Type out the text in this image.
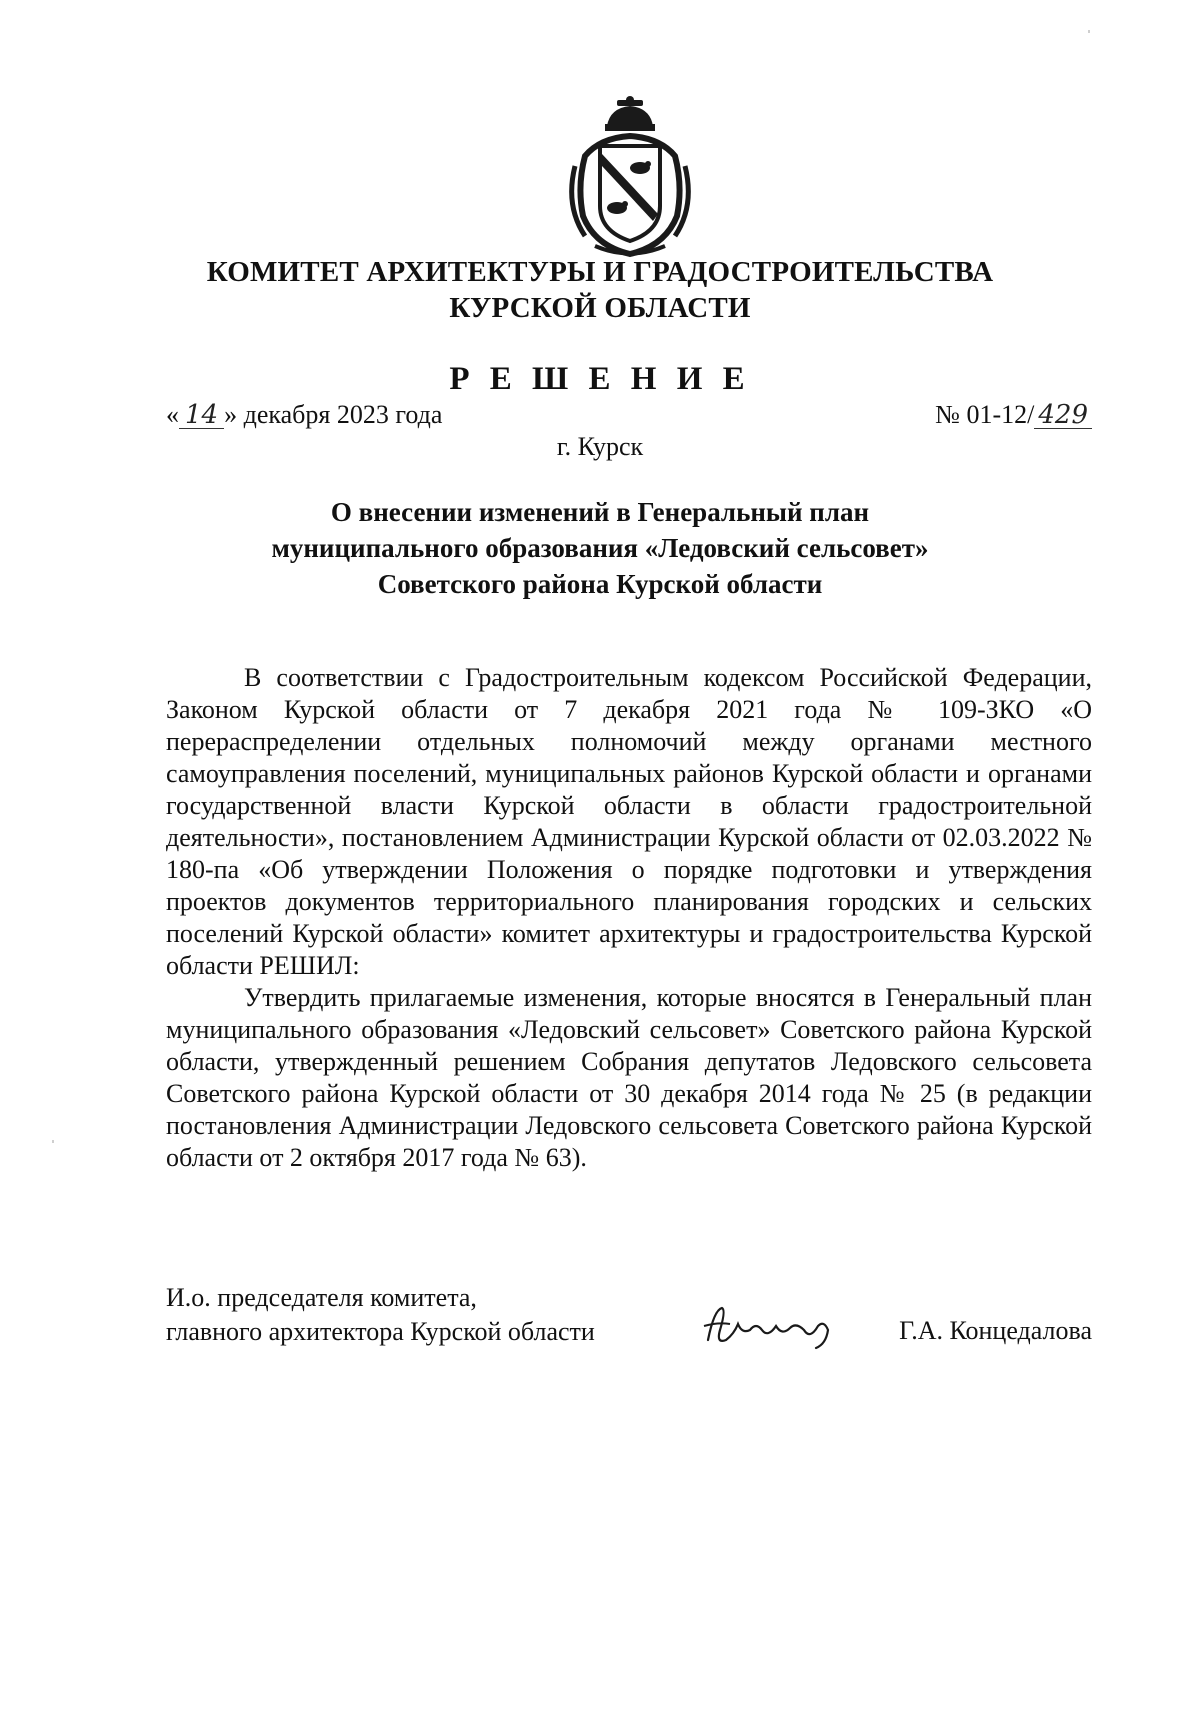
КОМИТЕТ АРХИТЕКТУРЫ И ГРАДОСТРОИТЕЛЬСТВА
КУРСКОЙ ОБЛАСТИ
Р Е Ш Е Н И Е
« 14 » декабря 2023 года	№ 01-12/ 429
г. Курск
О внесении изменений в Генеральный план
муниципального образования «Ледовский сельсовет»
Советского района Курской области

В соответствии с Градостроительным кодексом Российской Федерации, Законом Курской области от 7 декабря 2021 года № 109-ЗКО «О перераспределении отдельных полномочий между органами местного самоуправления поселений, муниципальных районов Курской области и органами государственной власти Курской области в области градостроительной деятельности», постановлением Администрации Курской области от 02.03.2022 № 180-па «Об утверждении Положения о порядке подготовки и утверждения проектов документов территориального планирования городских и сельских поселений Курской области» комитет архитектуры и градостроительства Курской области РЕШИЛ:

Утвердить прилагаемые изменения, которые вносятся в Генеральный план муниципального образования «Ледовский сельсовет» Советского района Курской области, утвержденный решением Собрания депутатов Ледовского сельсовета Советского района Курской области от 30 декабря 2014 года № 25 (в редакции постановления Администрации Ледовского сельсовета Советского района Курской области от 2 октября 2017 года № 63).

И.о. председателя комитета,
главного архитектора Курской области	Г.А. Концедалова
